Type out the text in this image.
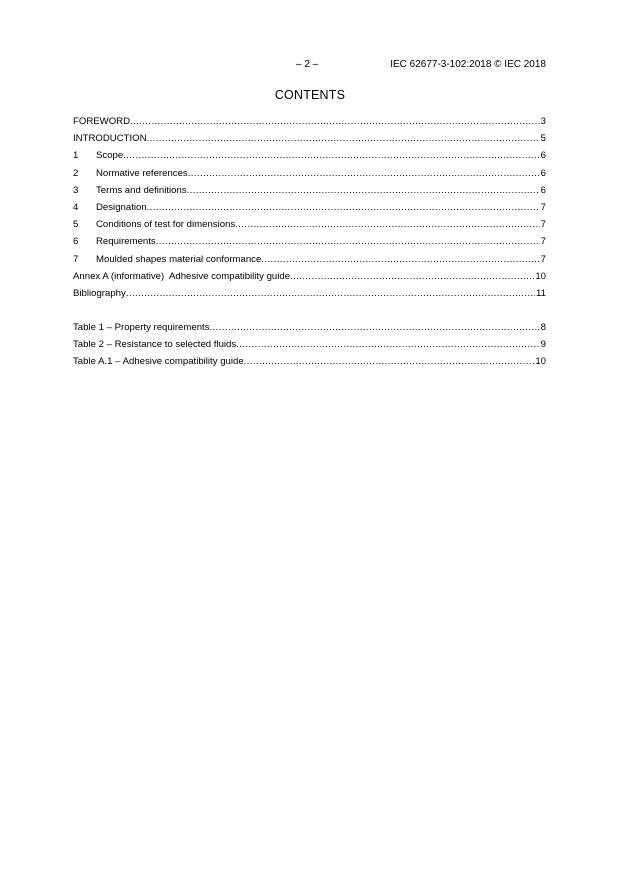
– 2 –	IEC 62677-3-102:2018 © IEC 2018
CONTENTS
FOREWORD .....	3
INTRODUCTION .....	5
1	Scope .....	6
2	Normative references .....	6
3	Terms and definitions .....	6
4	Designation .....	7
5	Conditions of test for dimensions .....	7
6	Requirements .....	7
7	Moulded shapes material conformance .....	7
Annex A (informative)  Adhesive compatibility guide .....	10
Bibliography .....	11
Table 1 – Property requirements .....	8
Table 2 – Resistance to selected fluids .....	9
Table A.1 – Adhesive compatibility guide .....	10
